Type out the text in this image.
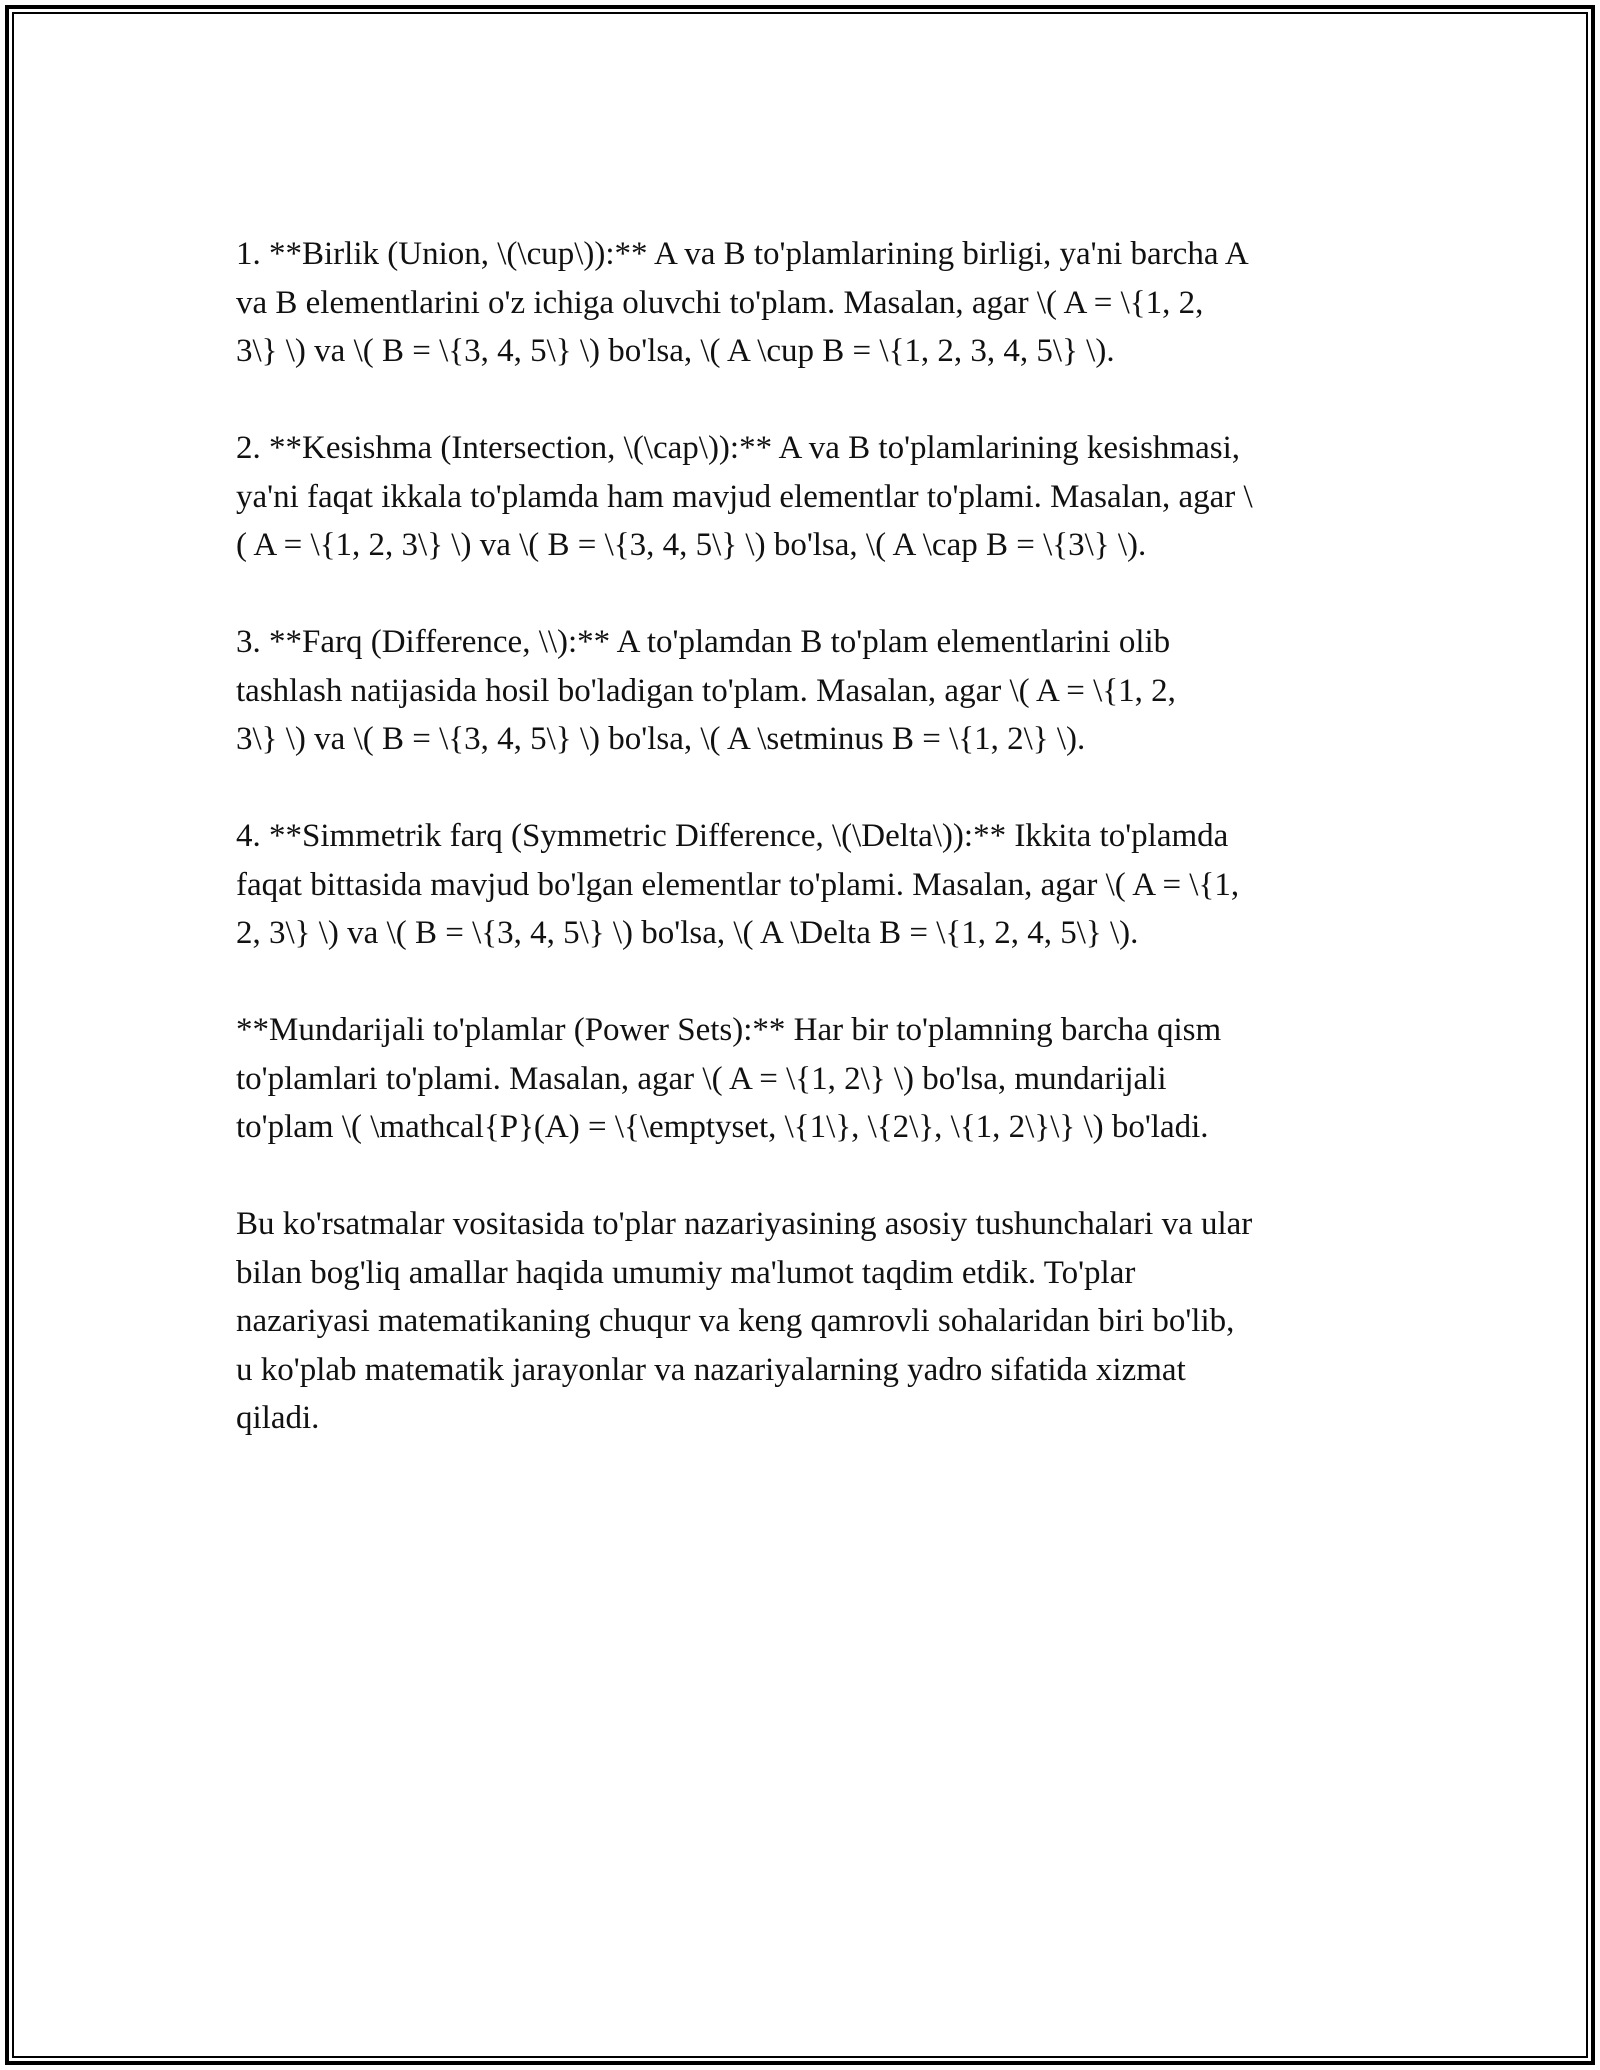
1. **Birlik (Union, \(\cup\)):** A va B to'plamlarining birligi, ya'ni barcha A
va B elementlarini o'z ichiga oluvchi to'plam. Masalan, agar \( A = \{1, 2,
3\} \) va \( B = \{3, 4, 5\} \) bo'lsa, \( A \cup B = \{1, 2, 3, 4, 5\} \).

2. **Kesishma (Intersection, \(\cap\)):** A va B to'plamlarining kesishmasi,
ya'ni faqat ikkala to'plamda ham mavjud elementlar to'plami. Masalan, agar \
( A = \{1, 2, 3\} \) va \( B = \{3, 4, 5\} \) bo'lsa, \( A \cap B = \{3\} \).

3. **Farq (Difference, \\):** A to'plamdan B to'plam elementlarini olib
tashlash natijasida hosil bo'ladigan to'plam. Masalan, agar \( A = \{1, 2,
3\} \) va \( B = \{3, 4, 5\} \) bo'lsa, \( A \setminus B = \{1, 2\} \).

4. **Simmetrik farq (Symmetric Difference, \(\Delta\)):** Ikkita to'plamda
faqat bittasida mavjud bo'lgan elementlar to'plami. Masalan, agar \( A = \{1,
2, 3\} \) va \( B = \{3, 4, 5\} \) bo'lsa, \( A \Delta B = \{1, 2, 4, 5\} \).

**Mundarijali to'plamlar (Power Sets):** Har bir to'plamning barcha qism
to'plamlari to'plami. Masalan, agar \( A = \{1, 2\} \) bo'lsa, mundarijali
to'plam \( \mathcal{P}(A) = \{\emptyset, \{1\}, \{2\}, \{1, 2\}\} \) bo'ladi.

Bu ko'rsatmalar vositasida to'plar nazariyasining asosiy tushunchalari va ular
bilan bog'liq amallar haqida umumiy ma'lumot taqdim etdik. To'plar
nazariyasi matematikaning chuqur va keng qamrovli sohalaridan biri bo'lib,
u ko'plab matematik jarayonlar va nazariyalarning yadro sifatida xizmat
qiladi.
